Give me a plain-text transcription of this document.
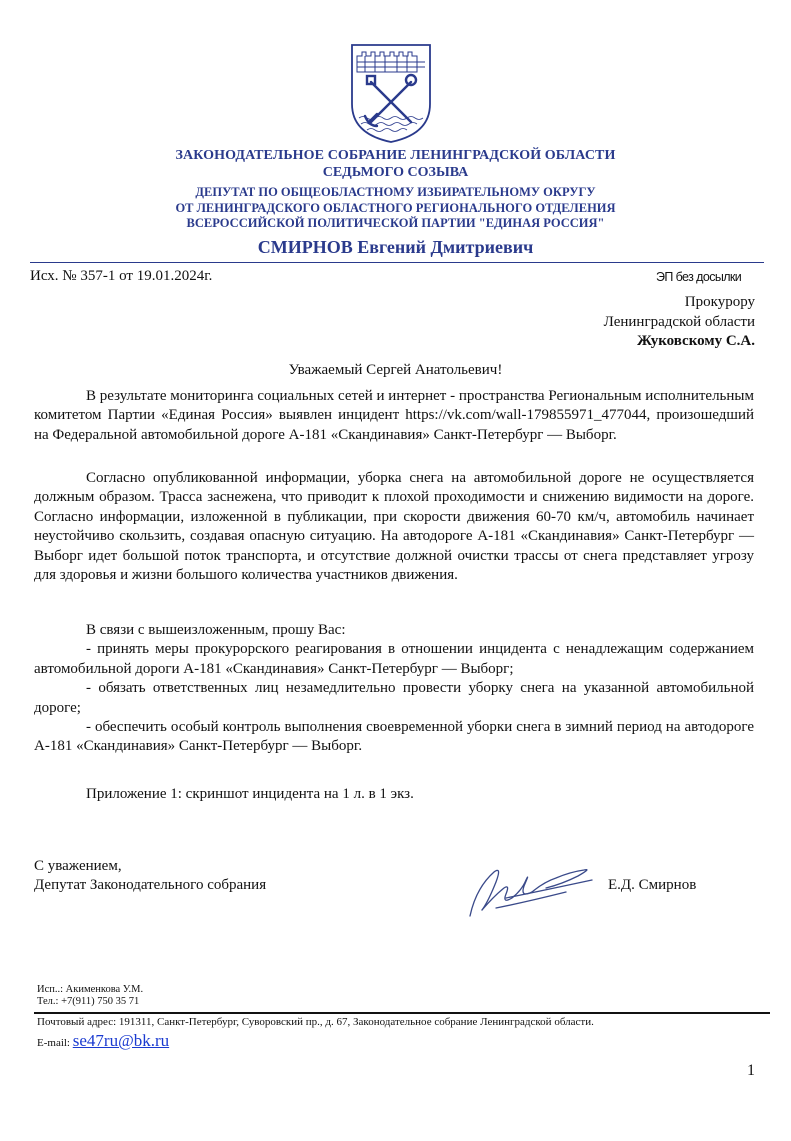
ЗАКОНОДАТЕЛЬНОЕ СОБРАНИЕ ЛЕНИНГРАДСКОЙ ОБЛАСТИ
СЕДЬМОГО СОЗЫВА
ДЕПУТАТ ПО ОБЩЕОБЛАСТНОМУ ИЗБИРАТЕЛЬНОМУ ОКРУГУ
ОТ ЛЕНИНГРАДСКОГО ОБЛАСТНОГО РЕГИОНАЛЬНОГО ОТДЕЛЕНИЯ
ВСЕРОССИЙСКОЙ ПОЛИТИЧЕСКОЙ ПАРТИИ "ЕДИНАЯ РОССИЯ"
СМИРНОВ Евгений Дмитриевич
Исх. № 357-1 от 19.01.2024г.	ЭП без досылки
Прокурору
Ленинградской области
Жуковскому С.А.
Уважаемый Сергей Анатольевич!

В результате мониторинга социальных сетей и интернет - пространства Региональным исполнительным комитетом Партии «Единая Россия» выявлен инцидент https://vk.com/wall-179855971_477044, произошедший на Федеральной автомобильной дороге А-181 «Скандинавия» Санкт-Петербург — Выборг.

Согласно опубликованной информации, уборка снега на автомобильной дороге не осуществляется должным образом. Трасса заснежена, что приводит к плохой проходимости и снижению видимости на дороге. Согласно информации, изложенной в публикации, при скорости движения 60-70 км/ч, автомобиль начинает неустойчиво скользить, создавая опасную ситуацию. На автодороге А-181 «Скандинавия» Санкт-Петербург — Выборг идет большой поток транспорта, и отсутствие должной очистки трассы от снега представляет угрозу для здоровья и жизни большого количества участников движения.

В связи с вышеизложенным, прошу Вас:

- принять меры прокурорского реагирования в отношении инцидента с ненадлежащим содержанием автомобильной дороги А-181 «Скандинавия» Санкт-Петербург — Выборг;

- обязать ответственных лиц незамедлительно провести уборку снега на указанной автомобильной дороге;

- обеспечить особый контроль выполнения своевременной уборки снега в зимний период на автодороге А-181 «Скандинавия» Санкт-Петербург — Выборг.

Приложение 1: скриншот инцидента на 1 л. в 1 экз.
С уважением,
Депутат Законодательного собрания	Е.Д. Смирнов
Исп..: Акименкова У.М.
Тел.: +7(911) 750 35 71
Почтовый адрес: 191311, Санкт-Петербург, Суворовский пр., д. 67, Законодательное собрание Ленинградской области.
E-mail: se47ru@bk.ru
1
